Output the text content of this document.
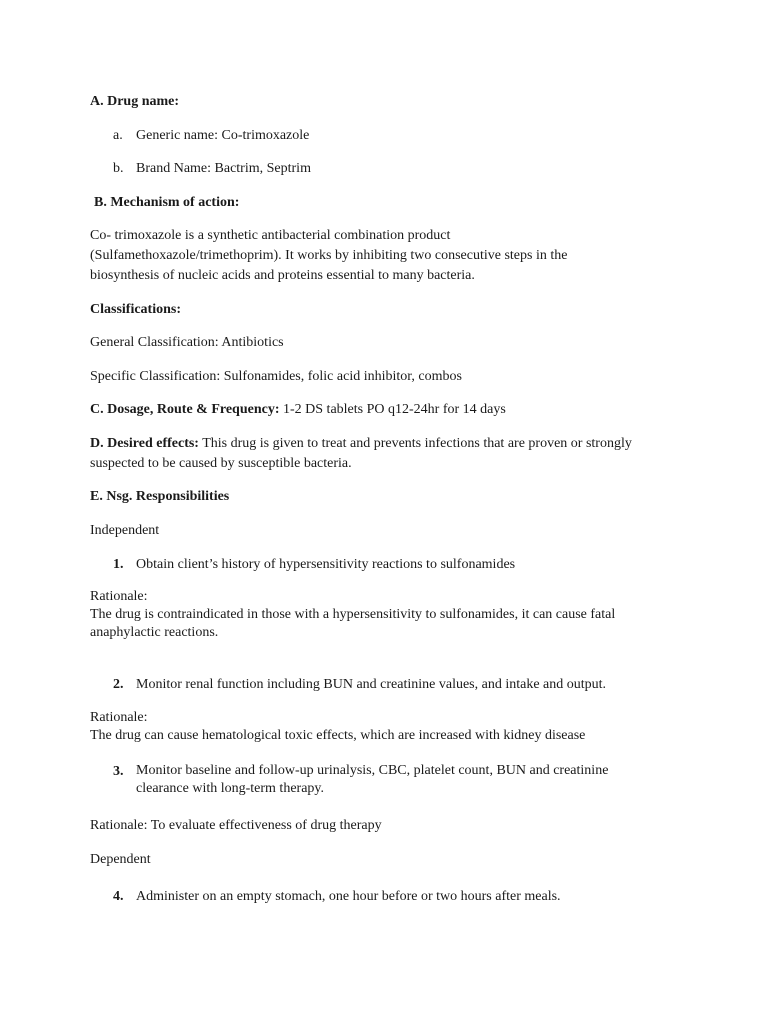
A. Drug name:
a. Generic name: Co-trimoxazole
b. Brand Name: Bactrim, Septrim
B. Mechanism of action:
Co- trimoxazole is a synthetic antibacterial combination product
(Sulfamethoxazole/trimethoprim). It works by inhibiting two consecutive steps in the
biosynthesis of nucleic acids and proteins essential to many bacteria.
Classifications:
General Classification: Antibiotics
Specific Classification: Sulfonamides, folic acid inhibitor, combos
C. Dosage, Route & Frequency: 1-2 DS tablets PO q12-24hr for 14 days
D. Desired effects: This drug is given to treat and prevents infections that are proven or strongly
suspected to be caused by susceptible bacteria.
E. Nsg. Responsibilities
Independent
1. Obtain client’s history of hypersensitivity reactions to sulfonamides
Rationale:
The drug is contraindicated in those with a hypersensitivity to sulfonamides, it can cause fatal
anaphylactic reactions.
2. Monitor renal function including BUN and creatinine values, and intake and output.
Rationale:
The drug can cause hematological toxic effects, which are increased with kidney disease
3. Monitor baseline and follow-up urinalysis, CBC, platelet count, BUN and creatinine
clearance with long-term therapy.
Rationale: To evaluate effectiveness of drug therapy
Dependent
4. Administer on an empty stomach, one hour before or two hours after meals.
